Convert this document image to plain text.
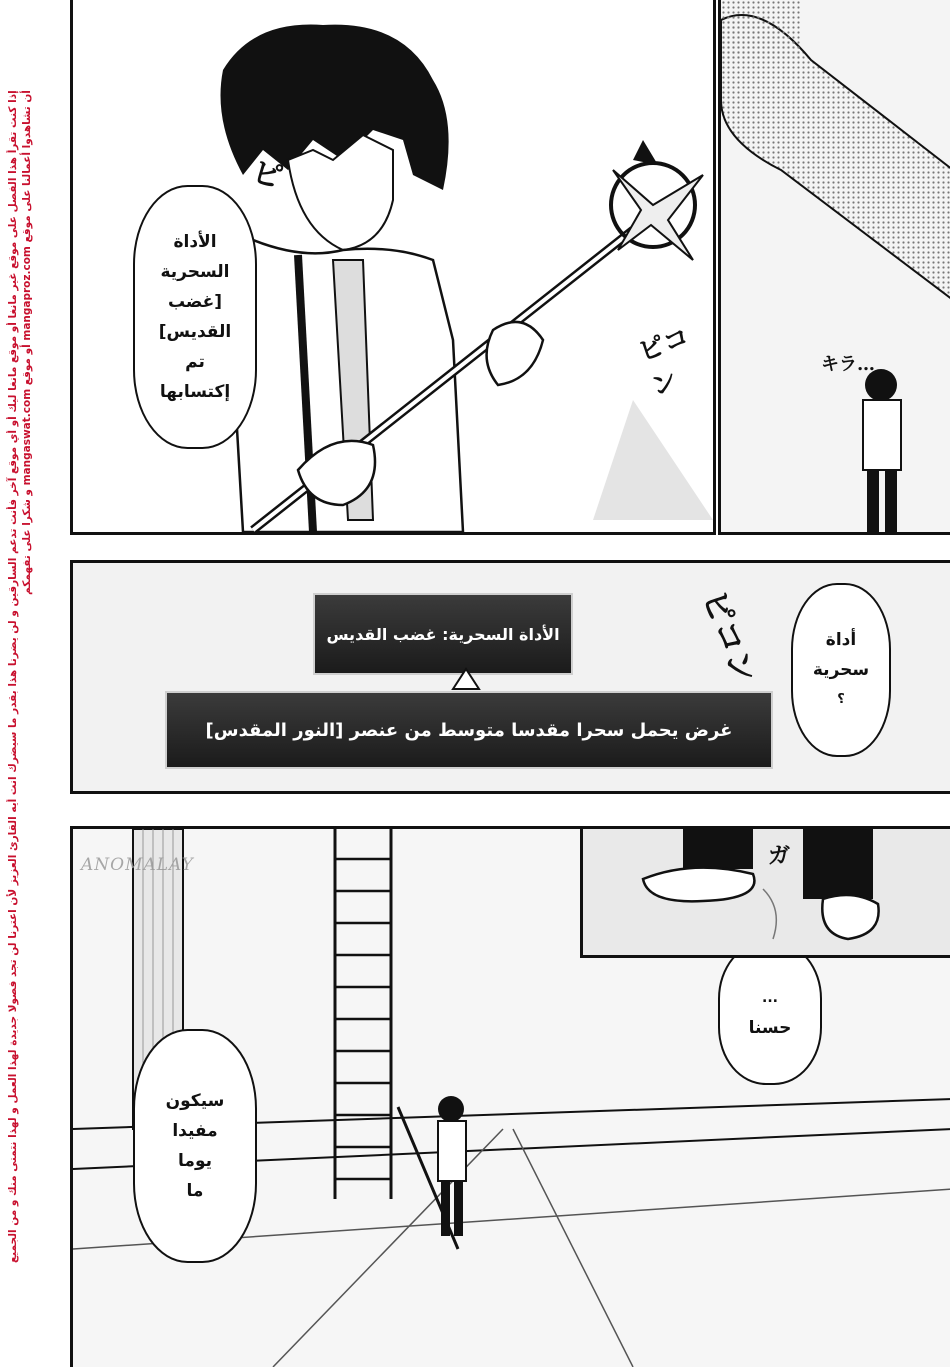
إذا كنت تقرأ هذا الفصل على موقع غير مانغا أو موقع مانغا ليك أو أي موقع آخر فأنت تدعم السارقين و لن يضرنا هذا بقدر ما سيضرك انت أيه القارئ العزيز لأن اعترنا لن تجد فصولا جديدة لهذا العمل و لهذا نتمنى منك و من الجميع أن تشاهدوا أعمالنا على موقع mangaproz.com أو موقع mangaswat.com و شكرا على تفهمكم	ピ
ピコン
الأداة
السحرية
[غضب
القديس]
تم
إكتسابها
キラ…
ピコン	أداة
سحرية
؟
الأداة السحرية: غضب القديس
غرض يحمل سحرا مقدسا متوسط من عنصر [النور المقدس]
ANOMALAY
...
حسنا
سيكون
مفيدا
يوما
ما
ガ
